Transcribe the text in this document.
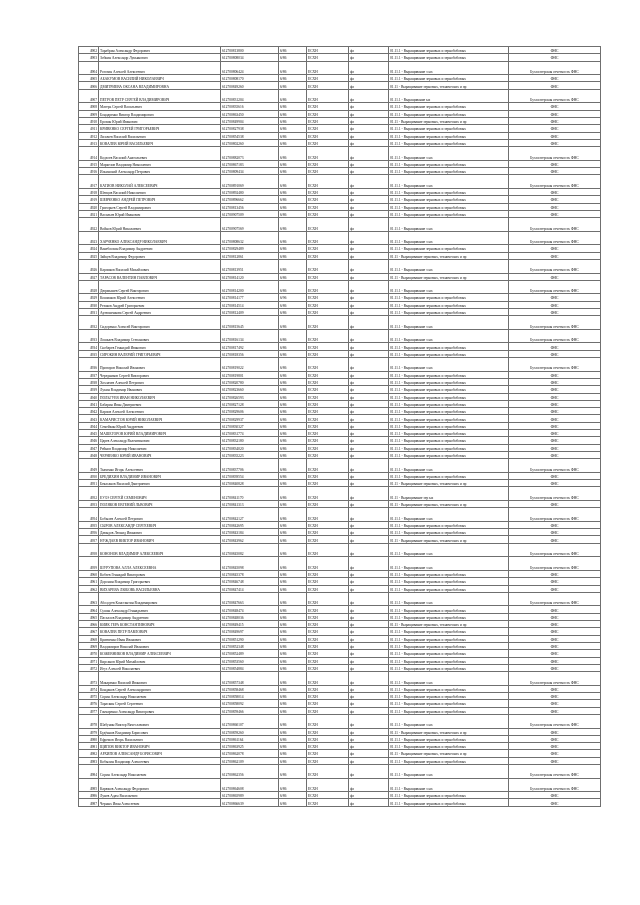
4902	Тарабрин Александр Федорович	612700813800	6/86	ЕСХН	фл	01.11.1 - Выращивание зерновых и зернобобовых	ФНС
4903	Зобкин Александр Лукьянович	612700808034	6/86	ЕСХН	фл	01.11.1 - Выращивание зерновых и зернобобовых	ФНС
4904	Рогозин Алексей Алексеевич	612700806424	6/86	ЕСХН	фл	01.11.1 - Выращивание з ых	Бухгалтерская отчетность ФНС
4905	АБАКУМОВ ВАСИЛИЙ НИКОЛАЕВИЧ	612700808170	6/86	ЕСХН	фл	01.11.1 - Выращивание зерновых и зернобобовых	ФНС
4906	ДМИТРИЕВА ОКСАНА ВЛАДИМИРОВНА	612700849260	6/86	ЕСХН	фл	01.11 - Выращивание зерновых, технических и пр	ФНС
4907	ПЕТРОВ ПЕТР СЕРГЕЙ ВЛАДИМИРОВИЧ	612700831204	6/86	ЕСХН	фл	01.11.1 - Выращивание ых	Бухгалтерская отчетность ФНС
4908	Матерь Сергей Васильевич	612700835616	6/86	ЕСХН	фл	01.11.1 - Выращивание зерновых и зернобобовых	ФНС
4909	Бондаренко Виктор Владимирович	612700863450	6/86	ЕСХН	фл	01.11.1 - Выращивание зерновых и зернобобовых	ФНС
4910	Ерохин Юрий Иванович	612700849904	6/86	ЕСХН	фл	01.11 - Выращивание зерновых, технических и пр	ФНС
4911	КРИВЕНКО СЕРГЕЙ ГРИГОРЬЕВИЧ	612700827938	6/86	ЕСХН	фл	01.11.1 - Выращивание зерновых и зернобобовых	ФНС
4912	Лихачев Василий Васильевич	612700854538	6/86	ЕСХН	фл	01.11.1 - Выращивание зерновых и зернобобовых	ФНС
4913	КОВАЛЕВ ЮРИЙ ВАСИЛЬЕВИЧ	612700802260	6/86	ЕСХН	фл	01.11.1 - Выращивание зерновых и зернобобовых	ФНС
4914	Кодзоев Василий Анатольевич	612700882073	6/86	ЕСХН	фл	01.11.1 - Выращивание з ых	Бухгалтерская отчетность ФНС
4915	Маркелов Владимир Николаевич	612700867183	6/86	ЕСХН	фл	01.11.1 - Выращивание зерновых и зернобобовых	ФНС
4916	Ильинский Александр Петрович	612700809434	6/86	ЕСХН	фл	01.11.1 - Выращивание зерновых и зернобобовых	ФНС
4917	КАТИОВ НИКОЛАЙ АЛЕКСЕЕВИЧ	612700891069	6/86	ЕСХН	фл	01.11.1 - Выращивание з ых	Бухгалтерская отчетность ФНС
4918	Шевцов Василий Николаевич	612700892480	6/86	ЕСХН	фл	01.11.1 - Выращивание зерновых и зернобобовых	ФНС
4919	ШЕВЧЕНКО АНДРЕЙ ПЕТРОВИЧ	612700896662	6/86	ЕСХН	фл	01.11.1 - Выращивание зерновых и зернобобовых	ФНС
4920	Григорьев Сергей Владимирович	612700813456	6/86	ЕСХН	фл	01.11.1 - Выращивание зерновых и зернобобовых	ФНС
4921	Васильев Юрий Иванович	612700907509	6/86	ЕСХН	фл	01.11.1 - Выращивание зерновых и зернобобовых	ФНС
4922	Войнов Юрий Николаевич	612700907569	6/86	ЕСХН	фл	01.11.1 - Выращивание з ых	Бухгалтерская отчетность ФНС
4923	ХАРЧЕНКО АЛЕКСАНДР НИКОЛАЕВИЧ	612700808632	6/86	ЕСХН	фл	01.11.1 - Выращивание з ых	Бухгалтерская отчетность ФНС
4924	Ванеблохин Владимир Андреевич	612700829489	6/86	ЕСХН	фл	01.11.1 - Выращивание зерновых и зернобобовых	ФНС
4925	Зайцев Владимир Федорович	612700812861	6/86	ЕСХН	фл	01.11 - Выращивание зерновых, технических и пр	ФНС
4926	Карпиков Василий Михайлович	612700813951	6/86	ЕСХН	фл	01.11.1 - Выращивание з ых	Бухгалтерская отчетность ФНС
4927	ТАРАСОВ ВАЛЕНТИН ПАВЛОВИЧ	612700814120	6/86	ЕСХН	фл	01.11 - Выращивание зерновых, технических и пр	ФНС
4928	Дюрмышев Сергей Викторович	612700814200	6/86	ЕСХН	фл	01.11.1 - Выращивание з ых	Бухгалтерская отчетность ФНС
4929	Кошмаков Юрий Алексеевич	612700814177	6/96	ЕСХН	фл	01.11.1 - Выращивание зерновых и зернобобовых	ФНС
4930	Резаков Андрей Григорьевич	612700814514	6/86	ЕСХН	фл	01.11.1 - Выращивание зерновых и зернобобовых	ФНС
4931	Артюшенкова Сергей Андреевич	612700812409	6/86	ЕСХН	фл	01.11.1 - Выращивание зерновых и зернобобовых	ФНС
4932	Сидоренко Алексей Викторович	612700815645	6/86	ЕСХН	фл	01.11.1 - Выращивание з ых	Бухгалтерская отчетность ФНС
4933	Лошкаев Владимир Степанович	612700816134	6/86	ЕСХН	фл	01.11.1 - Выращивание з ых	Бухгалтерская отчетность ФНС
4934	Скобарев Геннадий Иванович	612700817492	6/86	ЕСХН	фл	01.11.1 - Выращивание зерновых и зернобобовых	ФНС
4935	СИРОКИН ВАЛЕРИЙ ГРИГОРЬЕВИЧ	612700818356	6/86	ЕСХН	фл	01.11.1 - Выращивание зерновых и зернобобовых	ФНС
4936	Проворов Николай Иванович	612700819022	6/86	ЕСХН	фл	01.11.1 - Выращивание з ых	Бухгалтерская отчетность ФНС
4937	Чередников Сергей Викторович	612700819801	6/86	ЕСХН	фл	01.11.1 - Выращивание зерновых и зернобобовых	ФНС
4938	Хохлачев Алексей Петрович	612700820780	6/86	ЕСХН	фл	01.11.1 - Выращивание зерновых и зернобобовых	ФНС
4939	Лукин Владимир Иванович	612700823660	6/86	ЕСХН	фл	01.11.1 - Выращивание зерновых и зернобобовых	ФНС
4940	ПОЛЬГУЕВ ИВАН НИКОЛАЕВИЧ	612700826593	6/86	ЕСХН	фл	01.11.1 - Выращивание зерновых и зернобобовых	ФНС
4941	Бабарин Иван Дмитриевич	612700827128	6/86	ЕСХН	фл	01.11.1 - Выращивание зерновых и зернобобовых	ФНС
4942	Карпов Алексей Алексеевич	612700829606	6/86	ЕСХН	фл	01.11.1 - Выращивание зерновых и зернобобовых	ФНС
4943	КАМАРИСТОВ ЮРИЙ НИКОЛАЕВИЧ	612700829937	6/86	ЕСХН	фл	01.11.1 - Выращивание зерновых и зернобобовых	ФНС
4944	Семейкин Юрий Андреевич	612700830327	6/86	ЕСХН	фл	01.11.1 - Выращивание зерновых и зернобобовых	ФНС
4945	МАШЕГОРОВ ЮРИЙ ВЛАДИМИРОВИЧ	612700831774	6/86	ЕСХН	фл	01.11.1 - Выращивание зерновых и зернобобовых	ФНС
4946	Царев Александр Валентинович	612700832180	6/86	ЕСХН	фл	01.11.1 - Выращивание зерновых и зернобобовых	ФНС
4947	Рейнов Владимир Николаевич	612700834020	6/86	ЕСХН	фл	01.11.1 - Выращивание зерновых и зернобобовых	ФНС
4948	ЧЕРНЕНКО ЮРИЙ ИВАНОВИЧ	612700835223	6/86	ЕСХН	фл	01.11.1 - Выращивание зерновых и зернобобовых	ФНС
4949	Ткаченко Игорь Алексеевич	612700837706	6/86	ЕСХН	фл	01.11.1 - Выращивание з ых	Бухгалтерская отчетность ФНС
4950	БРЕДИХИН ВЛАДИМИР ИВАНОВИЧ	612700839554	6/86	ЕСХН	фл	01.11.1 - Выращивание зерновых и зернобобовых	ФНС
4951	Бекасанов Василий Дмитриевич	612700840828	6/86	ЕСХН	фл	01.11 - Выращивание зерновых, технических и пр	ФНС
4952	ЕУЗЭ СЕРГЕЙ СЕМЕНОВИЧ	612700841170	6/86	ЕСХН	фл	01.11 - Выращивание зер ых	Бухгалтерская отчетность ФНС
4953	ПОЛЯКОВ ЕВГЕНИЙ ЛЬВОВИЧ	612700841313	6/86	ЕСХН	фл	01.11 - Выращивание зерновых, технических и пр	ФНС
4954	Бобылев Алексей Петрович	612700842127	6/86	ЕСХН	фл	01.11.1 - Выращивание з ых	Бухгалтерская отчетность ФНС
4955	СЫРОВ АЛЕКСАНДР СЕРГЕЕВИЧ	612700842695	6/86	ЕСХН	фл	01.11.1 - Выращивание зерновых и зернобобовых	ФНС
4956	Давыдов Леонид Иванович	612700843184	6/86	ЕСХН	фл	01.11.1 - Выращивание зерновых и зернобобовых	ФНС
4957	НУЖДАЕВ ВИКТОР ИВАНОВИЧ	612700843962	6/86	ЕСХН	фл	01.11 - Выращивание зерновых, технических и пр	ФНС
4958	КОНОНОВ ВЛАДИМИР АЛЕКСЕЕВИЧ	612700845082	6/86	ЕСХН	фл	01.11.1 - Выращивание з ых	Бухгалтерская отчетность ФНС
4959	ШУРУПОВА АЛЛА АЛЕКСЕЕВНА	612700845098	6/86	ЕСХН	фл	01.11.1 - Выращивание з ых	Бухгалтерская отчетность ФНС
4960	Кобзев Геннадий Викторович	612700845378	6/86	ЕСХН	фл	01.11.1 - Выращивание зерновых и зернобобовых	ФНС
4961	Доронин Владимир Григорьевич	612700846748	6/86	ЕСХН	фл	01.11.1 - Выращивание зерновых и зернобобовых	ФНС
4962	ВИХАРЕВА ЛЮБОВЬ ВАСИЛЬЕВНА	612700847414	6/86	ЕСХН	фл	01.11.1 - Выращивание зерновых и зернобобовых	ФНС
4963	Аболдуев Константин Владимирович	612700847663	6/86	ЕСХН	фл	01.11.1 - Выращивание з ых	Бухгалтерская отчетность ФНС
4964	Сушак Александр Геннадьевич	612700848474	6/86	ЕСХН	фл	01.11.1 - Выращивание зерновых и зернобобовых	ФНС
4965	Пасхалов Владимир Андреевич	612700848036	6/86	ЕСХН	фл	01.11.1 - Выращивание зерновых и зернобобовых	ФНС
4966	КИЯК ГЕРА КОНСТАНТИНОВИЧ	612700849415	6/86	ЕСХН	фл	01.11 - Выращивание зерновых, технических и пр	ФНС
4967	КОВАЛЕВ ПЕТР ПАВЛОВИЧ	612700849697	6/86	ЕСХН	фл	01.11.1 - Выращивание зерновых и зернобобовых	ФНС
4968	Кривченко Иван Иванович	612700851290	6/86	ЕСХН	фл	01.11.1 - Выращивание зерновых и зернобобовых	ФНС
4969	Владимиров Николай Иванович	612700852348	6/86	ЕСХН	фл	01.11.1 - Выращивание зерновых и зернобобовых	ФНС
4970	КОЖЕВНИКОВ ВЛАДИМИР АЛЕКСЕЕВИЧ	612700852489	6/86	ЕСХН	фл	01.11.1 - Выращивание зерновых и зернобобовых	ФНС
4971	Кирсанов Юрий Михайлович	612700853560	6/86	ЕСХН	фл	01.11.1 - Выращивание зерновых и зернобобовых	ФНС
4972	Игуз Алексей Николаевич	612700854884	6/86	ЕСХН	фл	01.11.1 - Выращивание зерновых и зернобобовых	ФНС
4973	Макаренко Василий Иванович	612700857348	6/86	ЕСХН	фл	01.11.1 - Выращивание з ых	Бухгалтерская отчетность ФНС
4974	Кондаков Сергей Александрович	612700858468	6/86	ЕСХН	фл	01.11.1 - Выращивание зерновых и зернобобовых	ФНС
4975	Сорин Александр Николаевич	612700858014	6/86	ЕСХН	фл	01.11.1 - Выращивание зерновых и зернобобовых	ФНС
4976	Тараскин Сергей Сергеевич	612700858092	6/86	ЕСХН	фл	01.11.1 - Выращивание зерновых и зернобобовых	ФНС
4977	Гончаренко Александр Викторович	612700859466	6/86	ЕСХН	фл	01.11.1 - Выращивание зерновых и зернобобовых	ФНС
4978	Шабунин Виктор Вячеславович	612700860107	6/86	ЕСХН	фл	01.11.1 - Выращивание з ых	Бухгалтерская отчетность ФНС
4979	Будённов Владимир Борисович	612700859260	6/86	ЕСХН	фл	01.11 - Выращивание зерновых, технических и пр	ФНС
4980	Ефремов Игорь Васильевич	612700861164	6/86	ЕСХН	фл	01.11.1 - Выращивание зерновых и зернобобовых	ФНС
4981	ЩИПОВ ВИКТОР ИВАНОВИЧ	612700863925	6/86	ЕСХН	фл	01.11.1 - Выращивание зерновых и зернобобовых	ФНС
4982	АРХИПОВ АЛЕКСАНДР БОРИСОВИЧ	612700862078	6/86	ЕСХН	фл	01.11 - Выращивание зерновых, технических и пр	ФНС
4983	Кобылин Владимир Алексеевич	612700862109	6/86	ЕСХН	фл	01.11.1 - Выращивание зерновых и зернобобовых	ФНС
4984	Сорин Александр Николаевич	612700862356	6/86	ЕСХН	фл	01.11.1 - Выращивание з ых	Бухгалтерская отчетность ФНС
4985	Карюков Александр Федорович	612700864608	6/86	ЕСХН	фл	01.11.1 - Выращивание з ых	Бухгалтерская отчетность ФНС
4986	Лунев Адам Васильевич	612700865989	6/86	ЕСХН	фл	01.11.1 - Выращивание зерновых и зернобобовых	ФНС
4987	Черных Иван Алексеевич	612700866639	6/86	ЕСХН	фл	01.11.1 - Выращивание зерновых и зернобобовых	ФНС
